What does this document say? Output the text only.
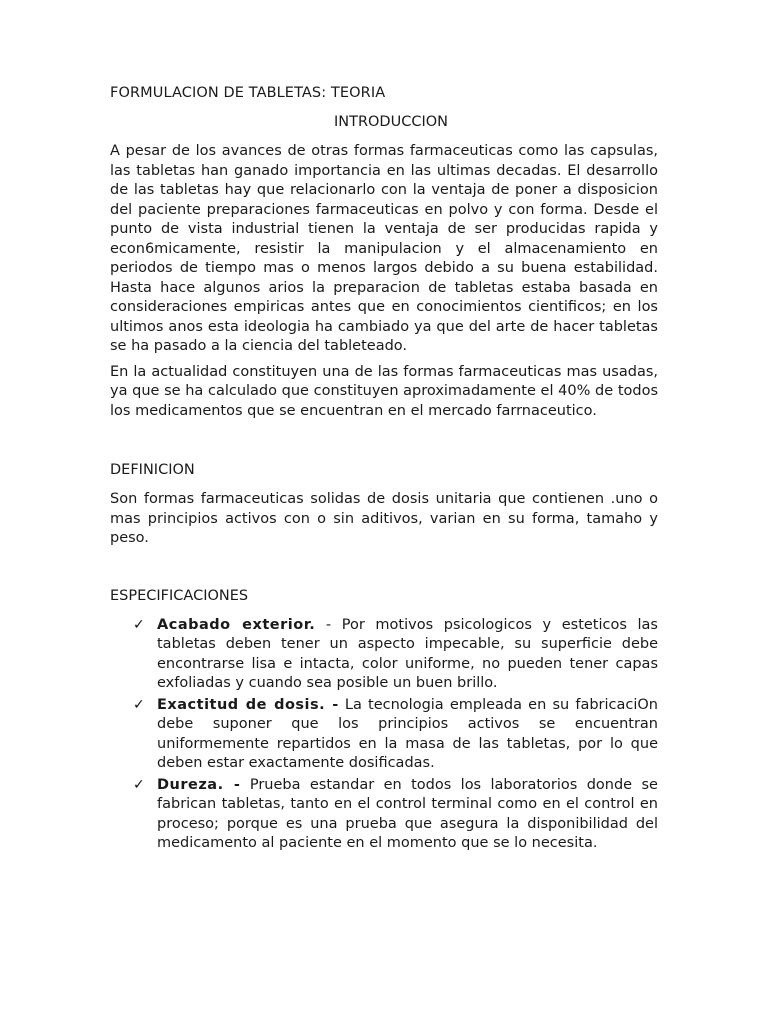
FORMULACION DE TABLETAS: TEORIA
INTRODUCCION

A pesar de los avances de otras formas farmaceuticas como las capsulas, las tabletas han ganado importancia en las ultimas decadas. El desarrollo de las tabletas hay que relacionarlo con la ventaja de poner a disposicion del paciente preparaciones farmaceuticas en polvo y con forma. Desde el punto de vista industrial tienen la ventaja de ser producidas rapida y econ6micamente, resistir la manipulacion y el almacenamiento en periodos de tiempo mas o menos largos debido a su buena estabilidad. Hasta hace algunos arios la preparacion de tabletas estaba basada en consideraciones empiricas antes que en conocimientos cientificos; en los ultimos anos esta ideologia ha cambiado ya que del arte de hacer tabletas se ha pasado a la ciencia del tableteado.

En la actualidad constituyen una de las formas farmaceuticas mas usadas, ya que se ha calculado que constituyen aproximadamente el 40% de todos los medicamentos que se encuentran en el mercado farrnaceutico.

DEFINICION

Son formas farmaceuticas solidas de dosis unitaria que contienen .uno o mas principios activos con o sin aditivos, varian en su forma, tamaho y peso.

ESPECIFICACIONES
✓ Acabado exterior. - Por motivos psicologicos y esteticos las tabletas deben tener un aspecto impecable, su superficie debe encontrarse lisa e intacta, color uniforme, no pueden tener capas exfoliadas y cuando sea posible un buen brillo.
✓ Exactitud de dosis. - La tecnologia empleada en su fabricaciOn debe suponer que los principios activos se encuentran uniformemente repartidos en la masa de las tabletas, por lo que deben estar exactamente dosificadas.
✓ Dureza. - Prueba estandar en todos los laboratorios donde se fabrican tabletas, tanto en el control terminal como en el control en proceso; porque es una prueba que asegura la disponibilidad del medicamento al paciente en el momento que se lo necesita.
